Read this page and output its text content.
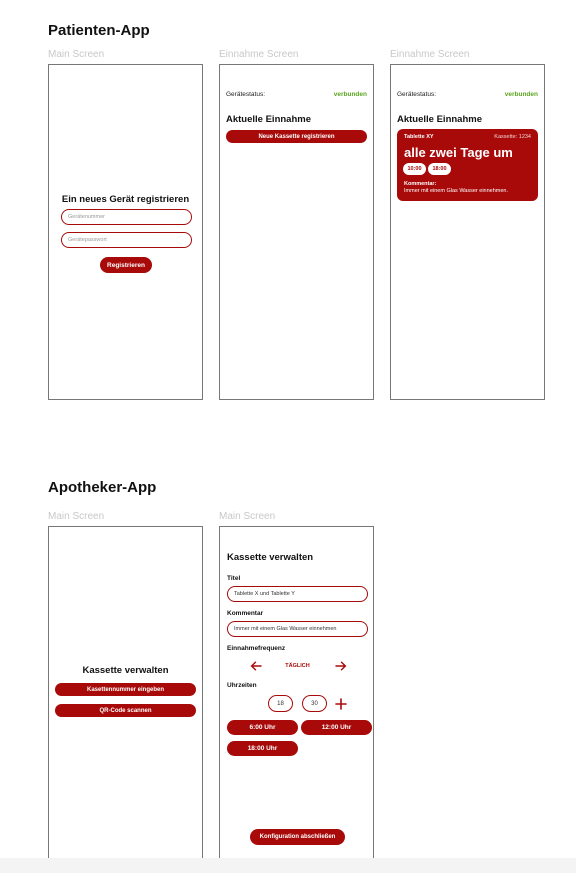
Patienten-App
Main Screen	Einnahme Screen	Einnahme Screen
Ein neues Gerät registrieren
Gerätenummer
Gerätepasswort
Registrieren
Gerätestatus:	verbunden
Aktuelle Einnahme
Neue Kassette registrieren
Gerätestatus:	verbunden
Aktuelle Einnahme
Tablette XY	Kassette: 1234
alle zwei Tage um
10:00	18:00
Kommentar:
Immer mit einem Glas Wasser einnehmen.
Apotheker-App
Main Screen	Main Screen
Kassette verwalten
Kasettennummer eingeben
QR-Code scannen
Kassette verwalten
Titel
Tablette X und Tablette Y
Kommentar
Immer mit einem Glas Wasser einnehmen
Einnahmefrequenz
TÄGLICH
Uhrzeiten
18	30
6:00 Uhr	12:00 Uhr
18:00 Uhr
Konfiguration abschließen
